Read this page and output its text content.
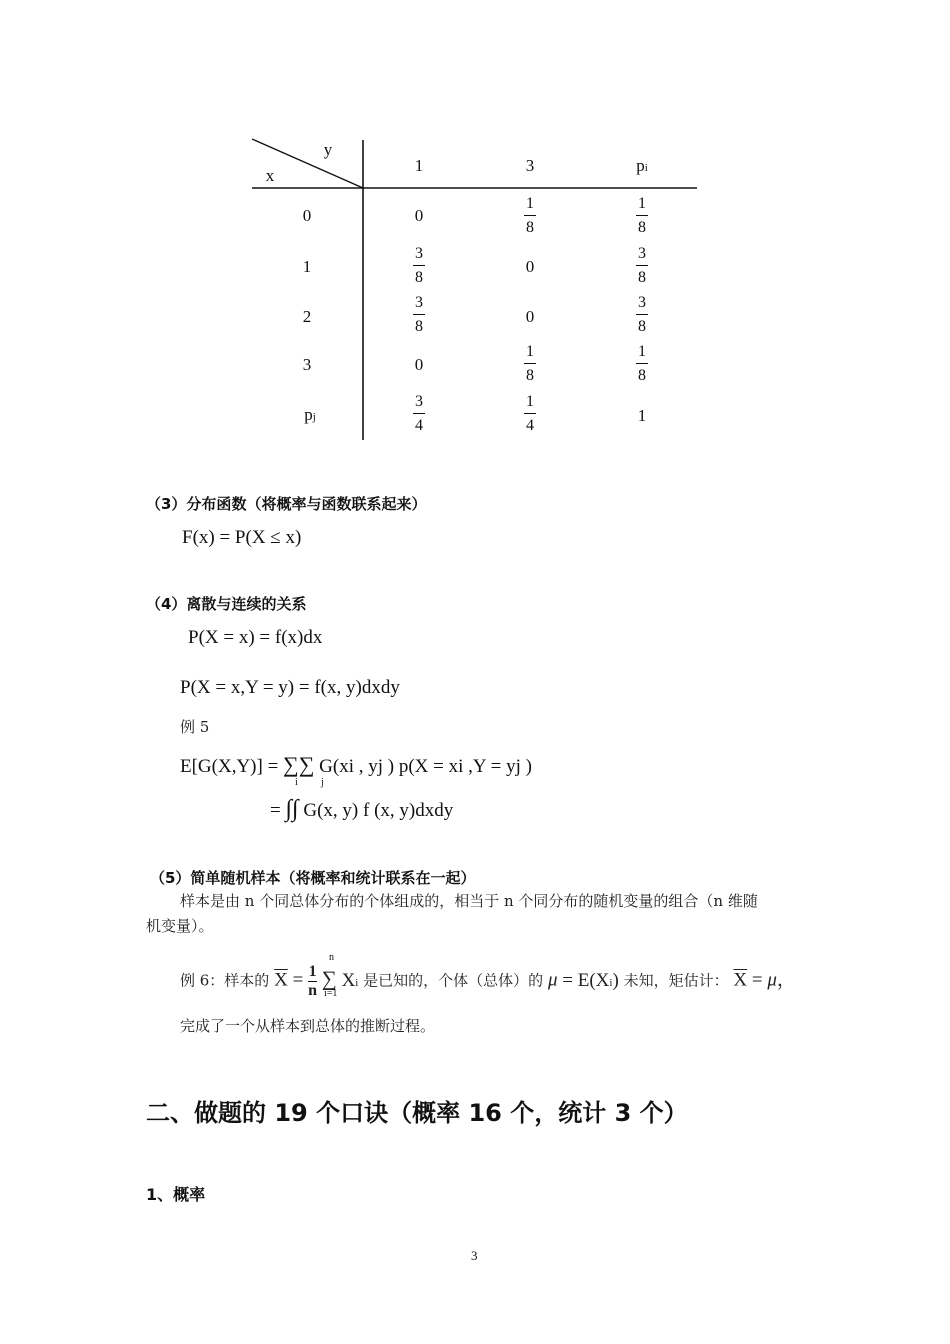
y
x
1	3	pi
0
1
2
3
pj
0
1
8
1
8
3
8
0
3
8
3
8
0
3
8
0
1
8
1
8
3
4
1
4
1
（3）分布函数（将概率与函数联系起来）
F(x) = P(X ≤ x)
（4）离散与连续的关系
P(X = x) = f(x)dx
P(X = x,Y = y) = f(x, y)dxdy
例 5
E[G(X,Y)] = ∑∑ G(xi , yj ) p(X = xi ,Y = yj )
i j
= ∫∫ G(x, y) f (x, y)dxdy
（5）简单随机样本（将概率和统计联系在一起）
样本是由 n 个同总体分布的个体组成的，相当于 n 个同分布的随机变量的组合（n 维随
机变量）。
例 6：样本的 $\overline{X} = \frac{1}{n}$ ∑ Xi 是已知的，个体（总体）的 μ = E(Xi) 未知，矩估计： $\overline{X} = \mu$，
n
i=1
完成了一个从样本到总体的推断过程。
二、做题的 19 个口诀（概率 16 个，统计 3 个）
1、概率
3
